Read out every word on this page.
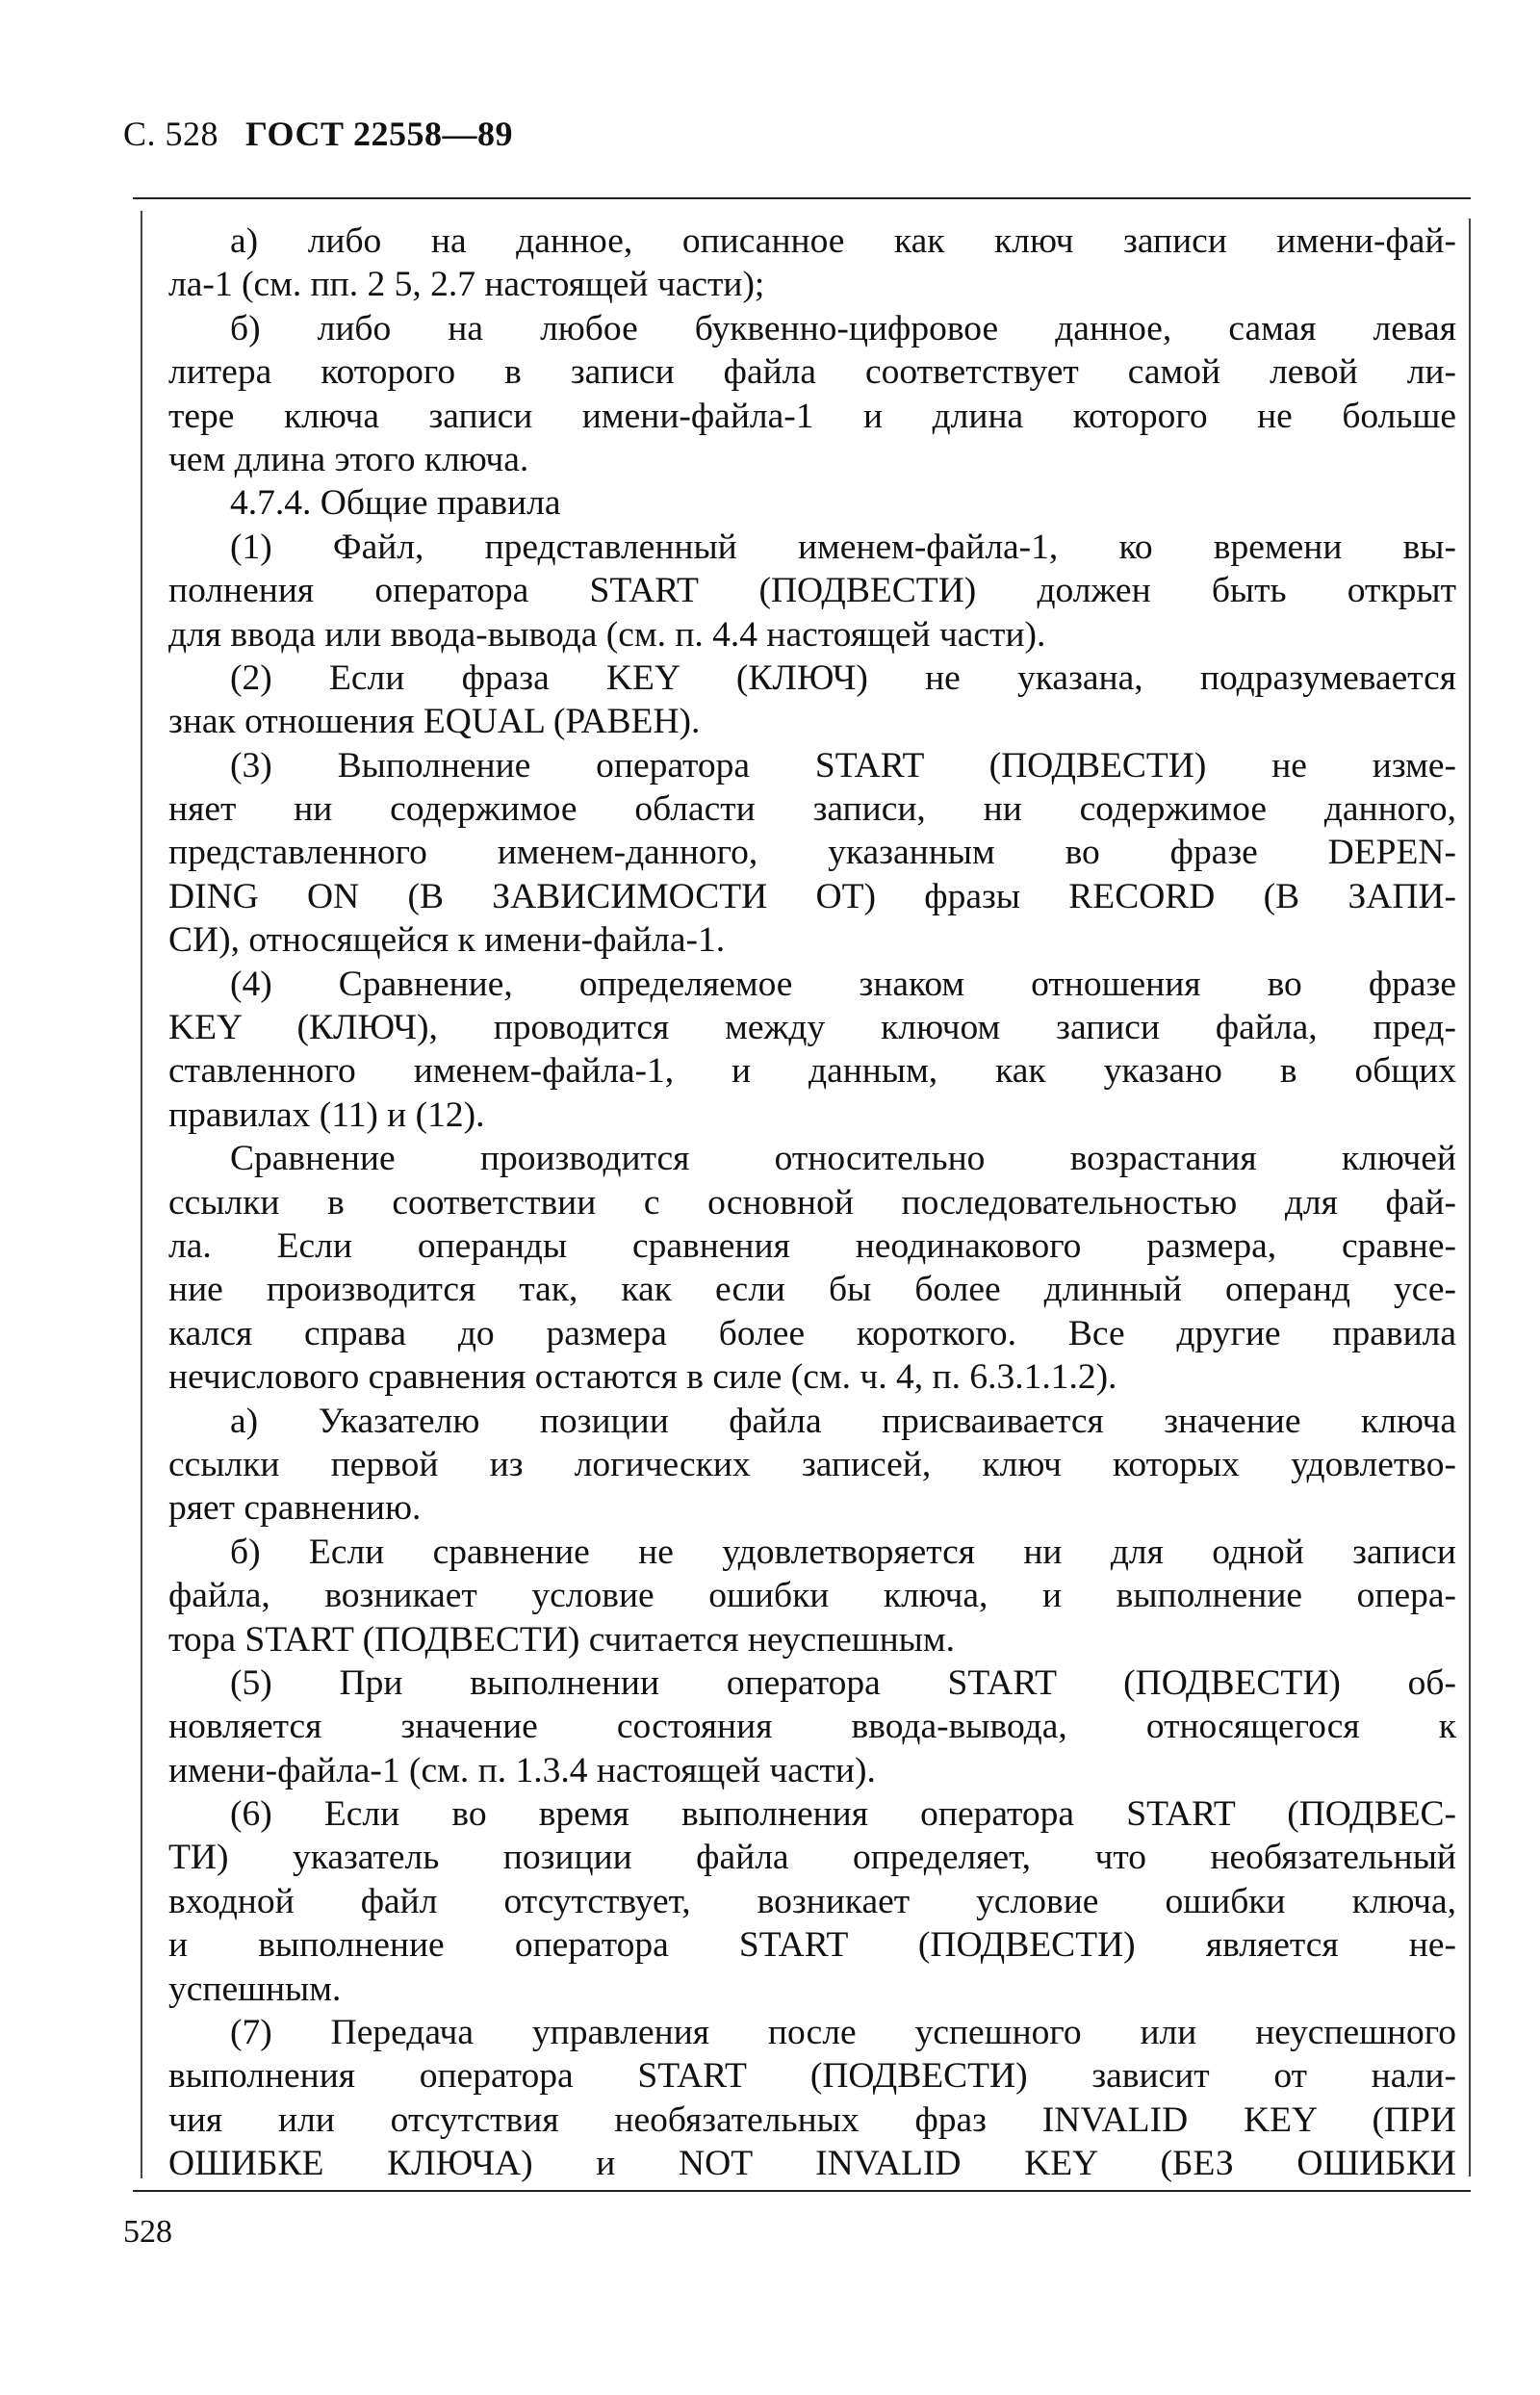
С. 528 ГОСТ 22558—89
а) либо на данное, описанное как ключ записи имени-фай-
ла-1 (см. пп. 2 5, 2.7 настоящей части);
б) либо на любое буквенно-цифровое данное, самая левая
литера которого в записи файла соответствует самой левой ли-
тере ключа записи имени-файла-1 и длина которого не больше
чем длина этого ключа.
4.7.4. Общие правила
(1) Файл, представленный именем-файла-1, ко времени вы-
полнения оператора START (ПОДВЕСТИ) должен быть открыт
для ввода или ввода-вывода (см. п. 4.4 настоящей части).
(2) Если фраза KEY (КЛЮЧ) не указана, подразумевается
знак отношения EQUAL (РАВЕН).
(3) Выполнение оператора START (ПОДВЕСТИ) не изме-
няет ни содержимое области записи, ни содержимое данного,
представленного именем-данного, указанным во фразе DEPEN-
DING ON (В ЗАВИСИМОСТИ ОТ) фразы RECORD (В ЗАПИ-
СИ), относящейся к имени-файла-1.
(4) Сравнение, определяемое знаком отношения во фразе
KEY (КЛЮЧ), проводится между ключом записи файла, пред-
ставленного именем-файла-1, и данным, как указано в общих
правилах (11) и (12).
Сравнение производится относительно возрастания ключей
ссылки в соответствии с основной последовательностью для фай-
ла. Если операнды сравнения неодинакового размера, сравне-
ние производится так, как если бы более длинный операнд усе-
кался справа до размера более короткого. Все другие правила
нечислового сравнения остаются в силе (см. ч. 4, п. 6.3.1.1.2).
а) Указателю позиции файла присваивается значение ключа
ссылки первой из логических записей, ключ которых удовлетво-
ряет сравнению.
б) Если сравнение не удовлетворяется ни для одной записи
файла, возникает условие ошибки ключа, и выполнение опера-
тора START (ПОДВЕСТИ) считается неуспешным.
(5) При выполнении оператора START (ПОДВЕСТИ) об-
новляется значение состояния ввода-вывода, относящегося к
имени-файла-1 (см. п. 1.3.4 настоящей части).
(6) Если во время выполнения оператора START (ПОДВЕС-
ТИ) указатель позиции файла определяет, что необязательный
входной файл отсутствует, возникает условие ошибки ключа,
и выполнение оператора START (ПОДВЕСТИ) является не-
успешным.
(7) Передача управления после успешного или неуспешного
выполнения оператора START (ПОДВЕСТИ) зависит от нали-
чия или отсутствия необязательных фраз INVALID KEY (ПРИ
ОШИБКЕ КЛЮЧА) и NOT INVALID KEY (БЕЗ ОШИБКИ
528
